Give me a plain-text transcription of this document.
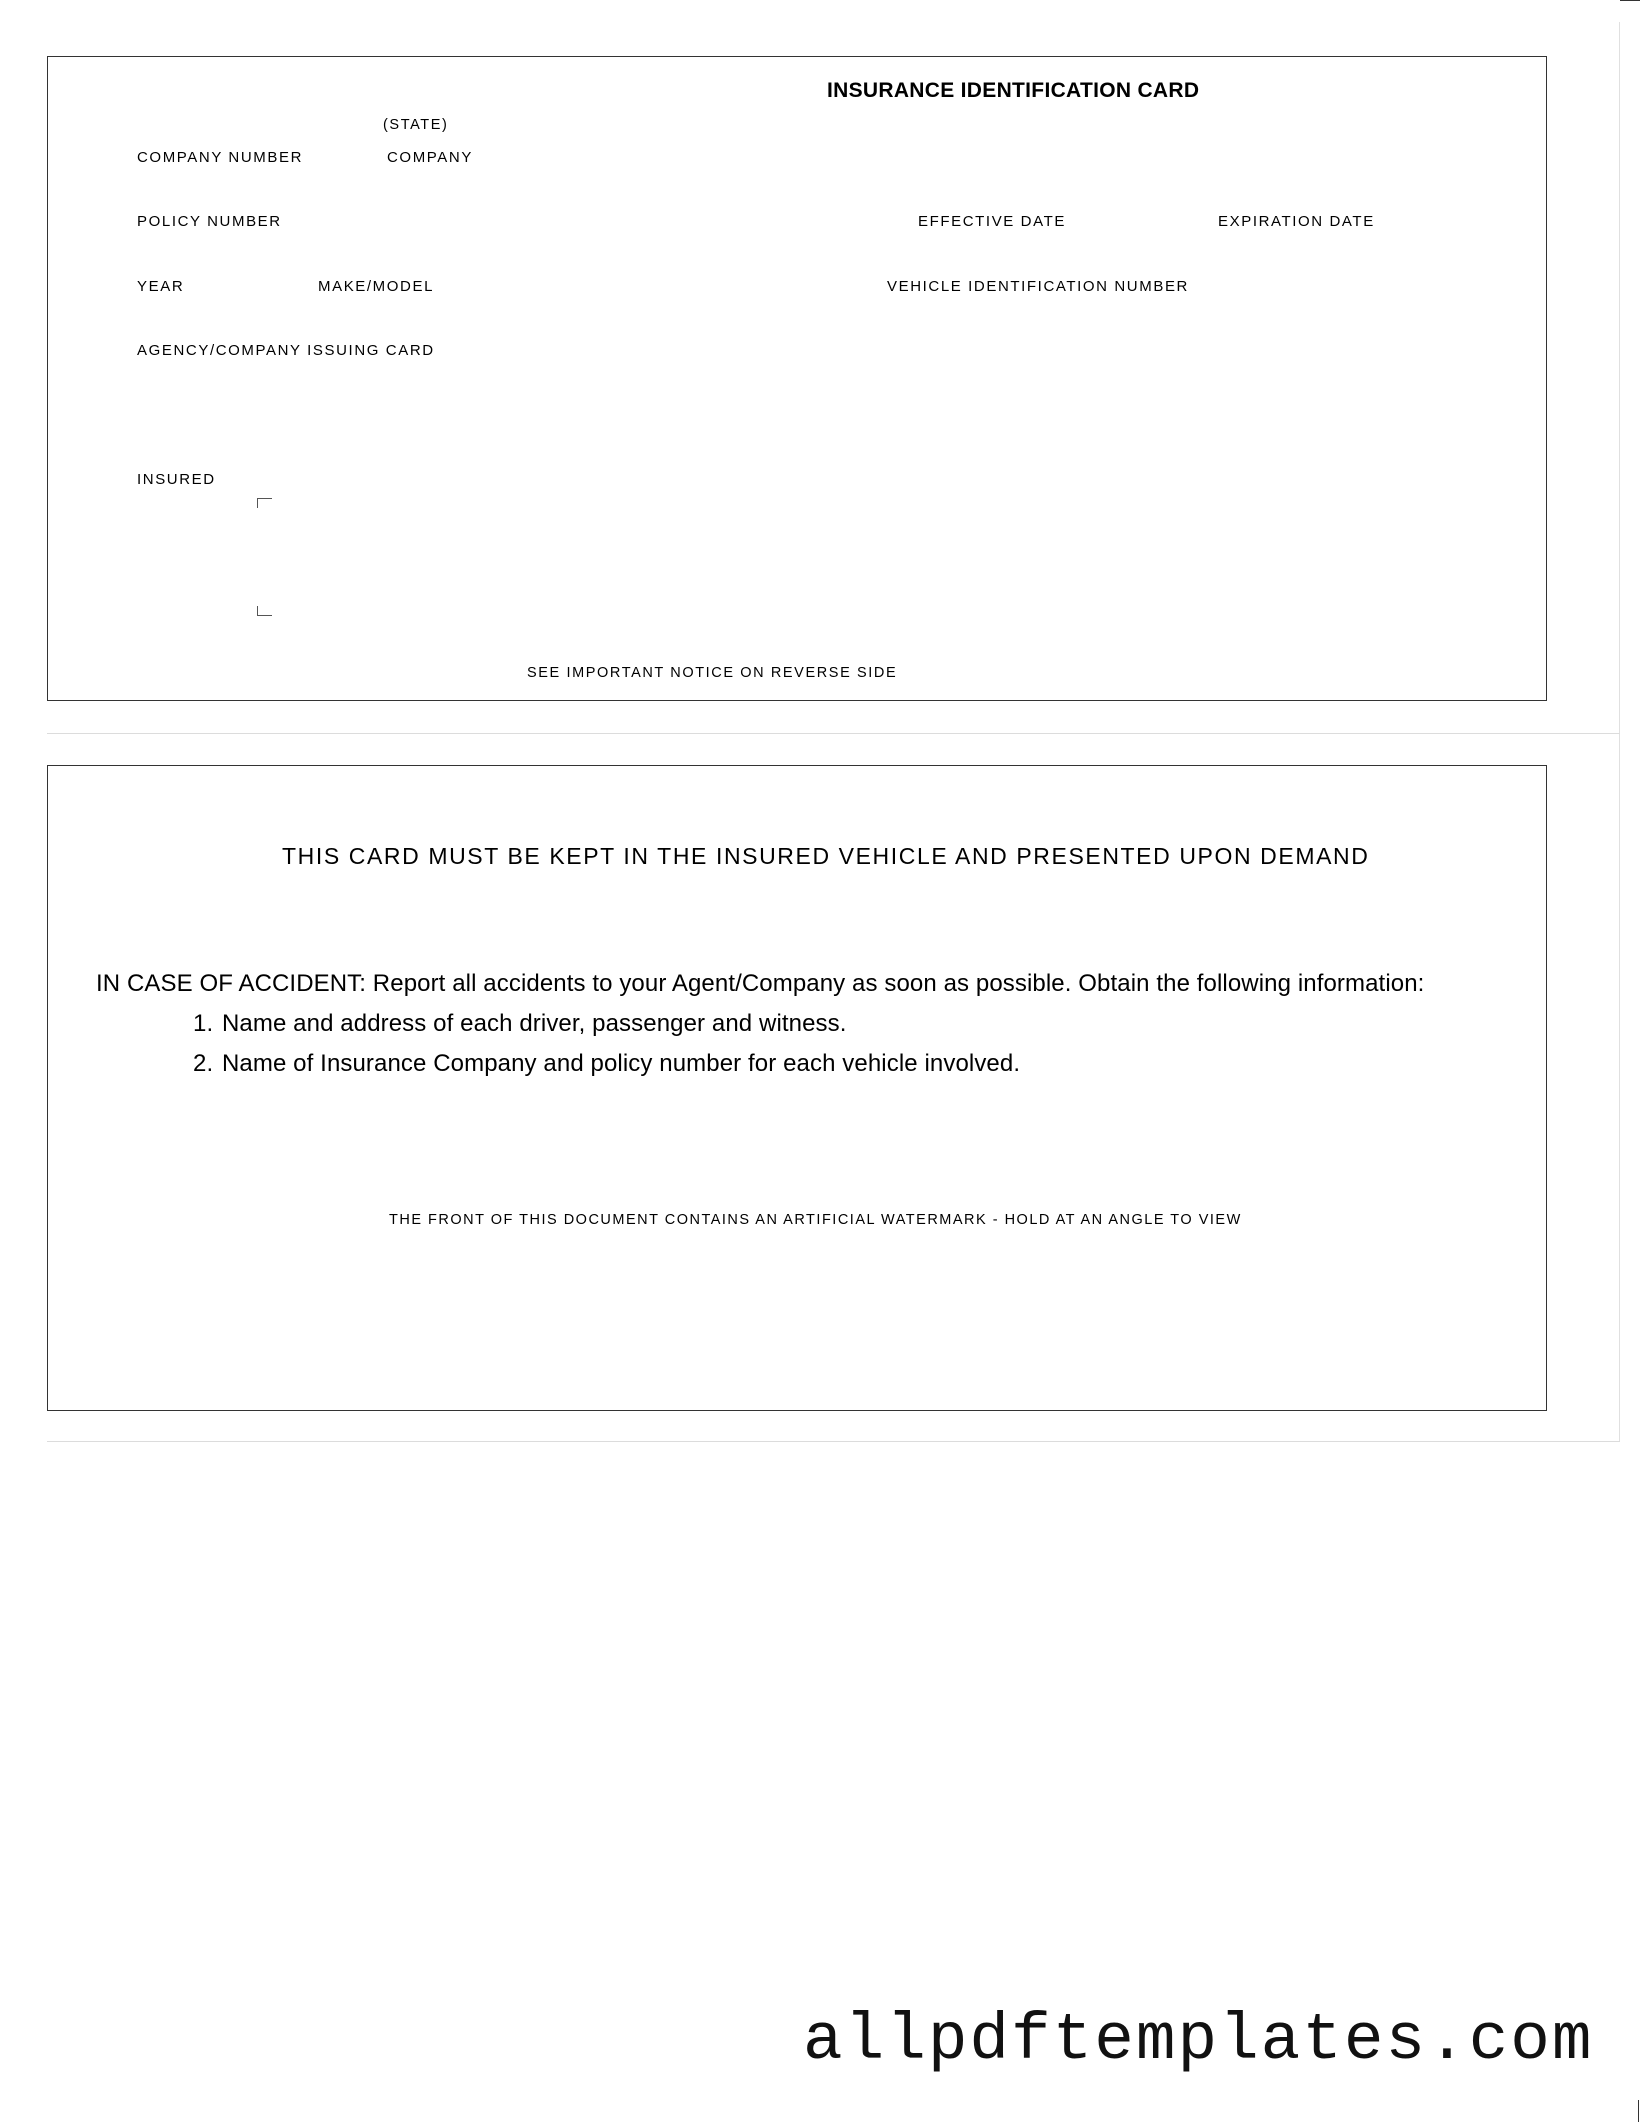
INSURANCE IDENTIFICATION CARD
(STATE)
COMPANY NUMBER	COMPANY
POLICY NUMBER	EFFECTIVE DATE	EXPIRATION DATE
YEAR	MAKE/MODEL	VEHICLE IDENTIFICATION NUMBER
AGENCY/COMPANY ISSUING CARD
INSURED
SEE IMPORTANT NOTICE ON REVERSE SIDE
THIS CARD MUST BE KEPT IN THE INSURED VEHICLE AND PRESENTED UPON DEMAND
IN CASE OF ACCIDENT: Report all accidents to your Agent/Company as soon as possible. Obtain the following information:
1. Name and address of each driver, passenger and witness.
2. Name of Insurance Company and policy number for each vehicle involved.
THE FRONT OF THIS DOCUMENT CONTAINS AN ARTIFICIAL WATERMARK - HOLD AT AN ANGLE TO VIEW
allpdftemplates.com
